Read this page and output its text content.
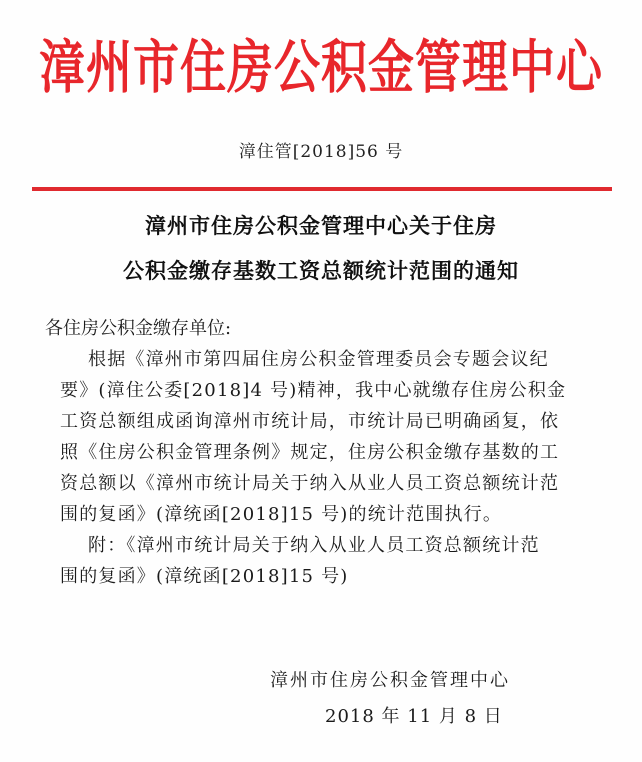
漳州市住房公积金管理中心
漳住管[2018]56 号
漳州市住房公积金管理中心关于住房
公积金缴存基数工资总额统计范围的通知
各住房公积金缴存单位:
根据《漳州市第四届住房公积金管理委员会专题会议纪
要》(漳住公委[2018]4 号)精神，我中心就缴存住房公积金
工资总额组成函询漳州市统计局，市统计局已明确函复，依
照《住房公积金管理条例》规定，住房公积金缴存基数的工
资总额以《漳州市统计局关于纳入从业人员工资总额统计范
围的复函》(漳统函[2018]15 号)的统计范围执行。
附：《漳州市统计局关于纳入从业人员工资总额统计范
围的复函》(漳统函[2018]15 号)
漳州市住房公积金管理中心
2018 年 11 月 8 日
